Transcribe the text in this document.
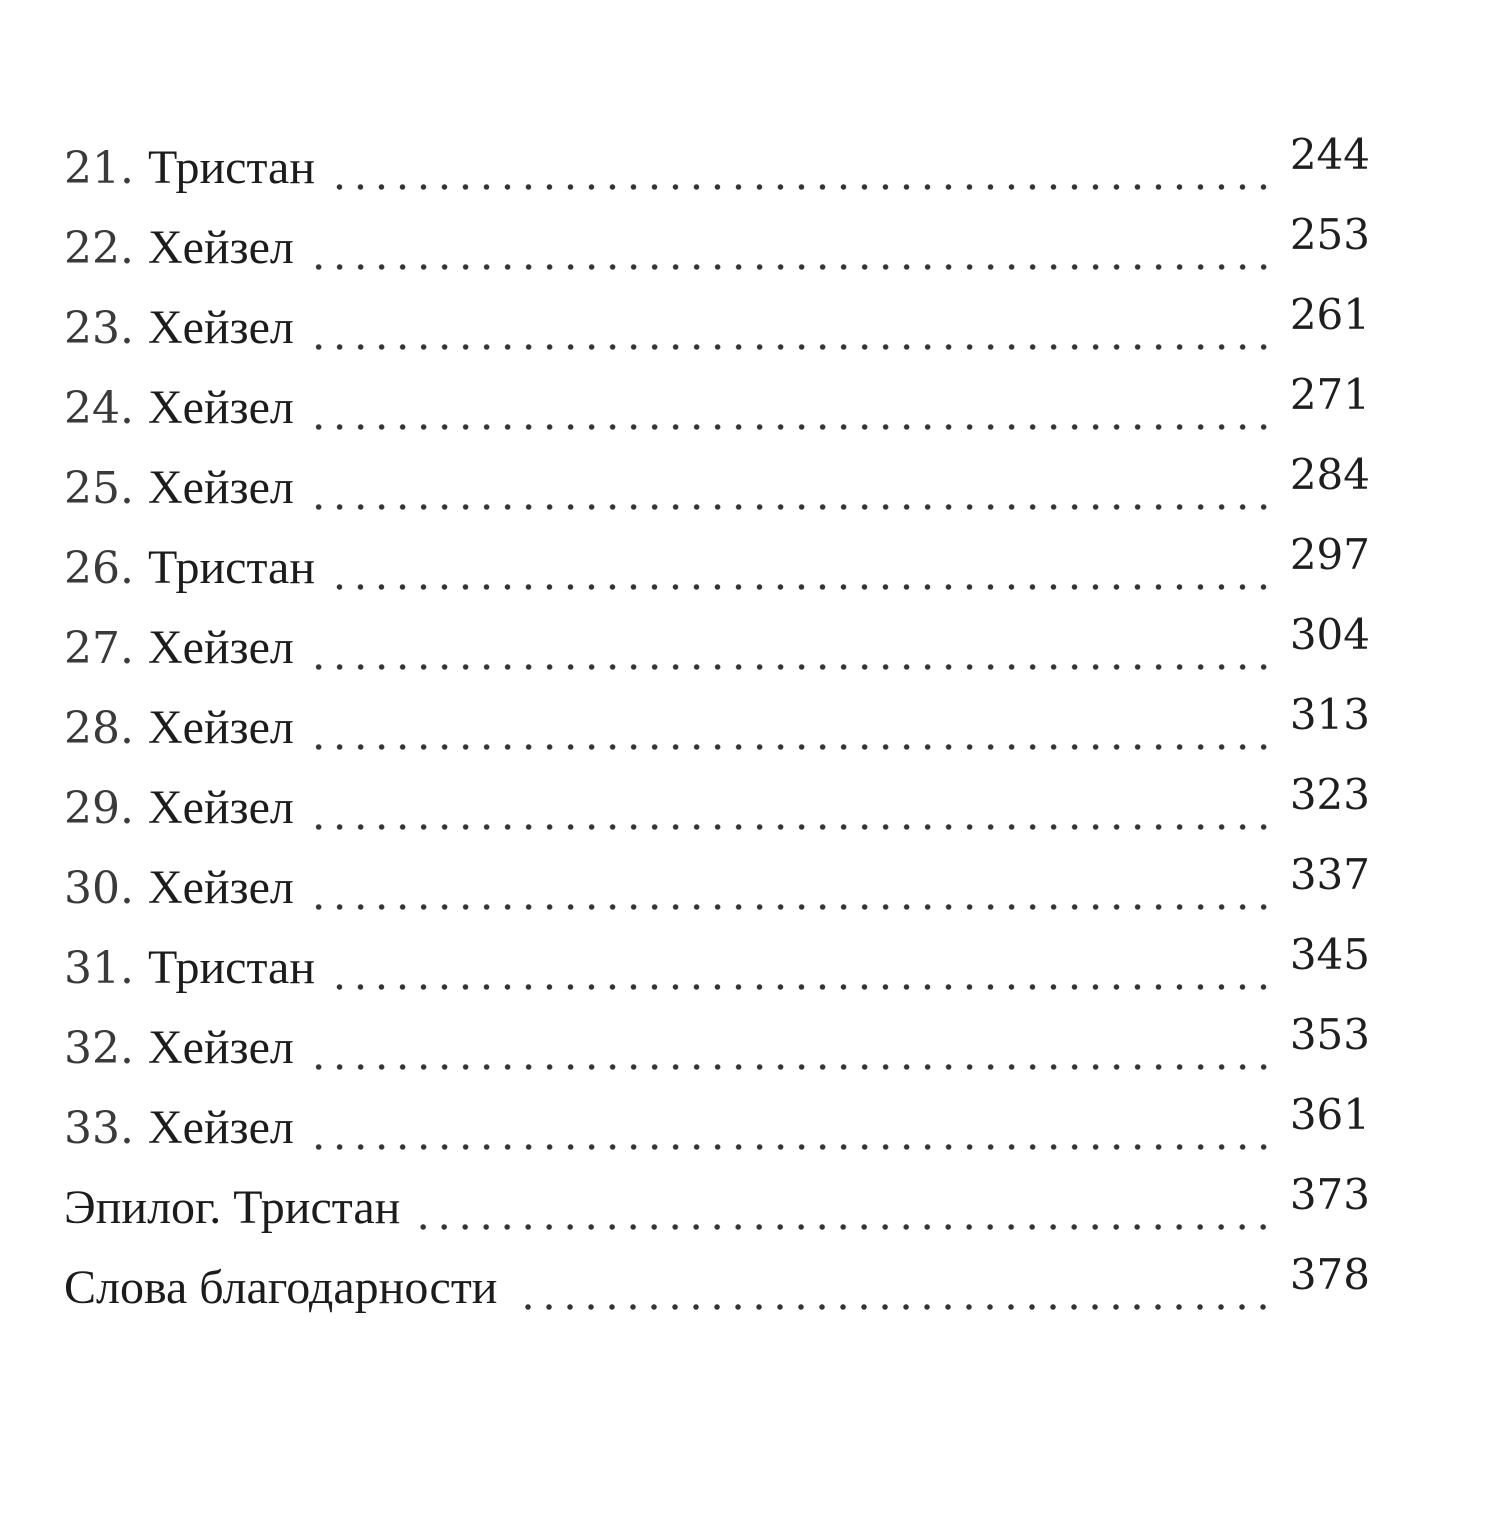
21. Тристан	244
22. Хейзел	253
23. Хейзел	261
24. Хейзел	271
25. Хейзел	284
26. Тристан	297
27. Хейзел	304
28. Хейзел	313
29. Хейзел	323
30. Хейзел	337
31. Тристан	345
32. Хейзел	353
33. Хейзел	361
Эпилог. Тристан	373
Слова благодарности	378
